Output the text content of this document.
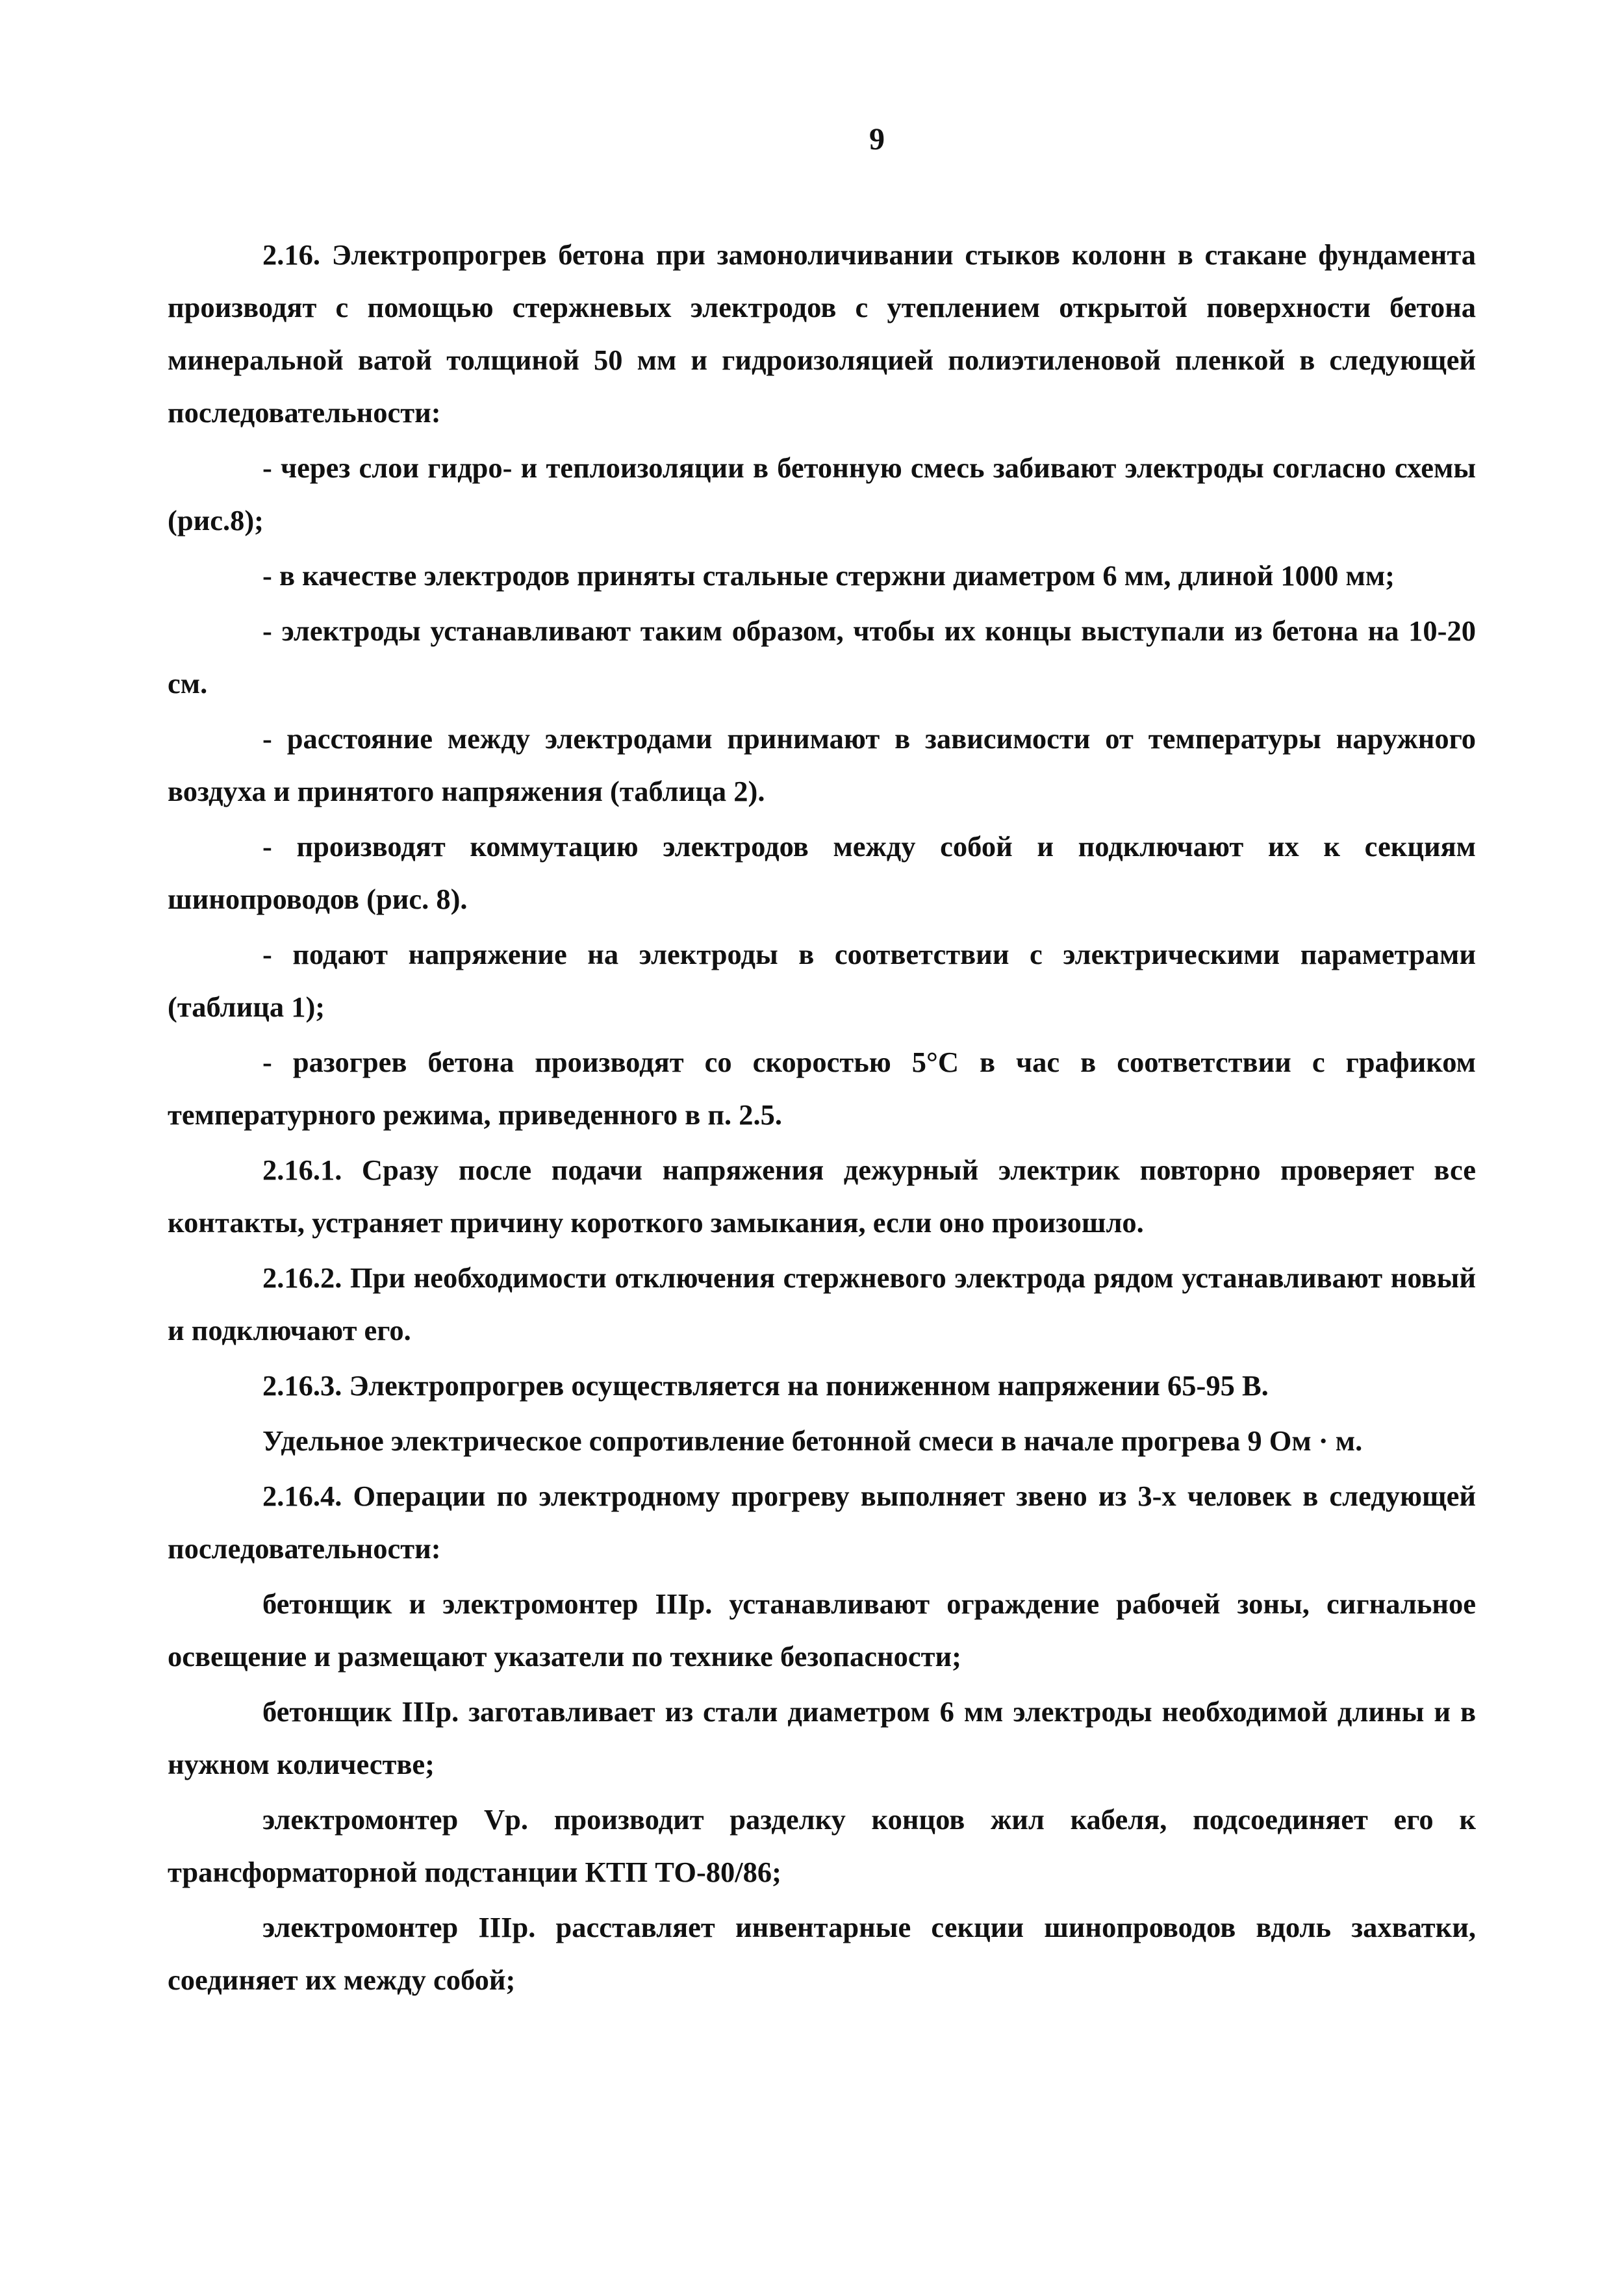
9

2.16. Электропрогрев бетона при замоноличивании стыков колонн в стакане фундамента производят с помощью стержневых электродов с утеплением открытой поверхности бетона минеральной ватой толщиной 50 мм и гидроизоляцией полиэтиленовой пленкой в следующей последовательности:

- через слои гидро- и теплоизоляции в бетонную смесь забивают электроды согласно схемы (рис.8);

- в качестве электродов приняты стальные стержни диаметром 6 мм, длиной 1000 мм;

- электроды устанавливают таким образом, чтобы их концы выступали из бетона на 10-20 см.

- расстояние между электродами принимают в зависимости от температуры наружного воздуха и принятого напряжения (таблица 2).

- производят коммутацию электродов между собой и подключают их к секциям шинопроводов (рис. 8).

- подают напряжение на электроды в соответствии с электрическими параметрами (таблица 1);

- разогрев бетона производят со скоростью 5°С в час в соответствии с графиком температурного режима, приведенного в п. 2.5.

2.16.1. Сразу после подачи напряжения дежурный электрик повторно проверяет все контакты, устраняет причину короткого замыкания, если оно произошло.

2.16.2. При необходимости отключения стержневого электрода рядом устанавливают новый и подключают его.

2.16.3. Электропрогрев осуществляется на пониженном напряжении 65-95 В.

Удельное электрическое сопротивление бетонной смеси в начале прогрева 9 Ом · м.

2.16.4. Операции по электродному прогреву выполняет звено из 3-х человек в следующей последовательности:

бетонщик и электромонтер IIIр. устанавливают ограждение рабочей зоны, сигнальное освещение и размещают указатели по технике безопасности;

бетонщик IIIр. заготавливает из стали диаметром 6 мм электроды необходимой длины и в нужном количестве;

электромонтер Vр. производит разделку концов жил кабеля, подсоединяет его к трансформаторной подстанции КТП ТО-80/86;

электромонтер IIIр. расставляет инвентарные секции шинопроводов вдоль захватки, соединяет их между собой;
